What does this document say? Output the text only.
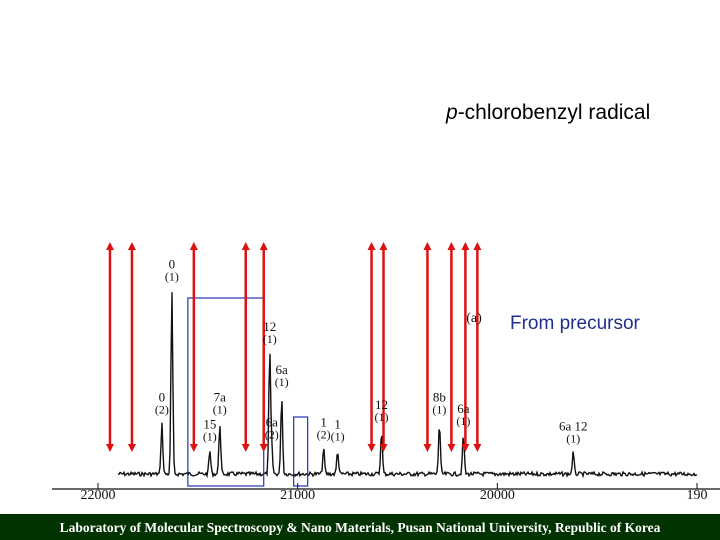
p-chlorobenzyl radical
0
(1)
0
(2)
7a
(1)
15
(1)
12
(1)
6a
(1)
6a
(2)
1
(2)
1
(1)
12
(1)
8b
(1) 6a
(1)	6a 12
(1)
(a)
22000	21000	20000	190
From precursor
Laboratory of Molecular Spectroscopy & Nano Materials, Pusan National University, Republic of Korea
